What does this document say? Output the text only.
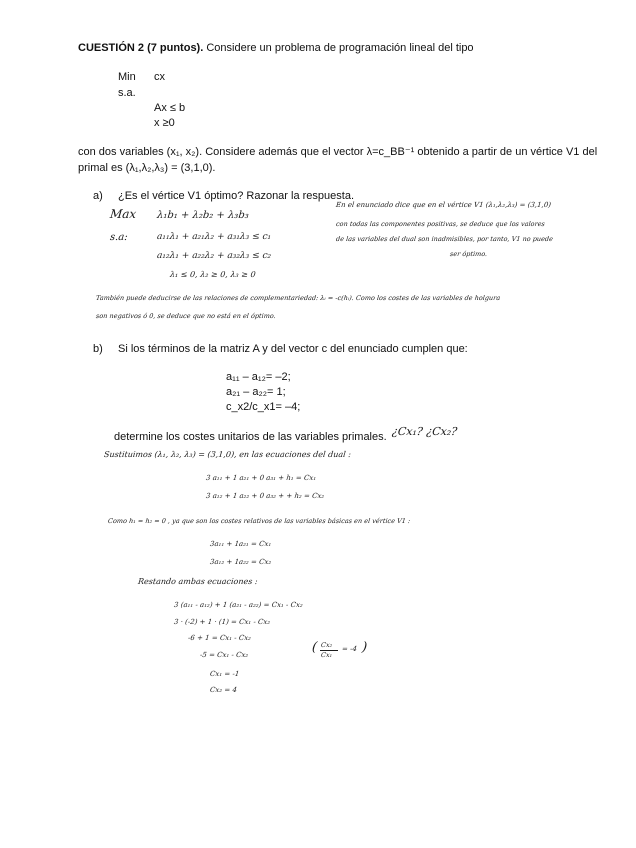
CUESTIÓN 2 (7 puntos). Considere un problema de programación lineal del tipo
Min cx
s.a.
Ax ≤ b
x ≥0
con dos variables (x₁, x₂). Considere además que el vector λ=c_BB⁻¹ obtenido a partir de un vértice V1 del
primal es (λ₁,λ₂,λ₃) = (3,1,0).
a) ¿Es el vértice V1 óptimo? Razonar la respuesta.
Max λ₁b₁ + λ₂b₂ + λ₃b₃
s.a:	a₁₁λ₁ + a₂₁λ₂ + a₃₁λ₃ ≤ c₁
a₁₂λ₁ + a₂₂λ₂ + a₃₂λ₃ ≤ c₂
λ₁ ≤ 0, λ₂ ≥ 0, λ₃ ≥ 0
En el enunciado dice que en el vértice V1 (λ₁,λ₂,λ₃) = (3,1,0)
con todas las componentes positivas, se deduce que los valores
de las variables del dual son inadmisibles, por tanto, V1 no puede
ser óptimo.
También puede deducirse de las relaciones de complementariedad: λᵢ = -c(hᵢ). Como los costes de las variables de holgura
son negativos ó 0, se deduce que no está en el óptimo.
b) Si los términos de la matriz A y del vector c del enunciado cumplen que:
a₁₁ – a₁₂= –2;
a₂₁ – a₂₂= 1;
c_x2/c_x1= –4;
determine los costes unitarios de las variables primales. ¿Cx₁? ¿Cx₂?
Sustituimos (λ₁, λ₂, λ₃) = (3,1,0), en las ecuaciones del dual :
3 a₁₁ + 1 a₂₁ + 0 a₃₁ + h₁ = Cx₁
3 a₁₂ + 1 a₂₂ + 0 a₃₂ + + h₂ = Cx₂
Como h₁ = h₂ = 0 , ya que son los costes relativos de las variables básicas en el vértice V1 :
3a₁₁ + 1a₂₁ = Cx₁
3a₁₂ + 1a₂₂ = Cx₂
Restando ambas ecuaciones :
3 (a₁₁ - a₁₂) + 1 (a₂₁ - a₂₂) = Cx₁ - Cx₂
3 · (-2) + 1 · (1) = Cx₁ - Cx₂
-6 + 1 = Cx₁ - Cx₂
-5 = Cx₁ - Cx₂	( Cx₂
Cx₁
= -4 )
Cx₁ = -1
Cx₂ = 4
